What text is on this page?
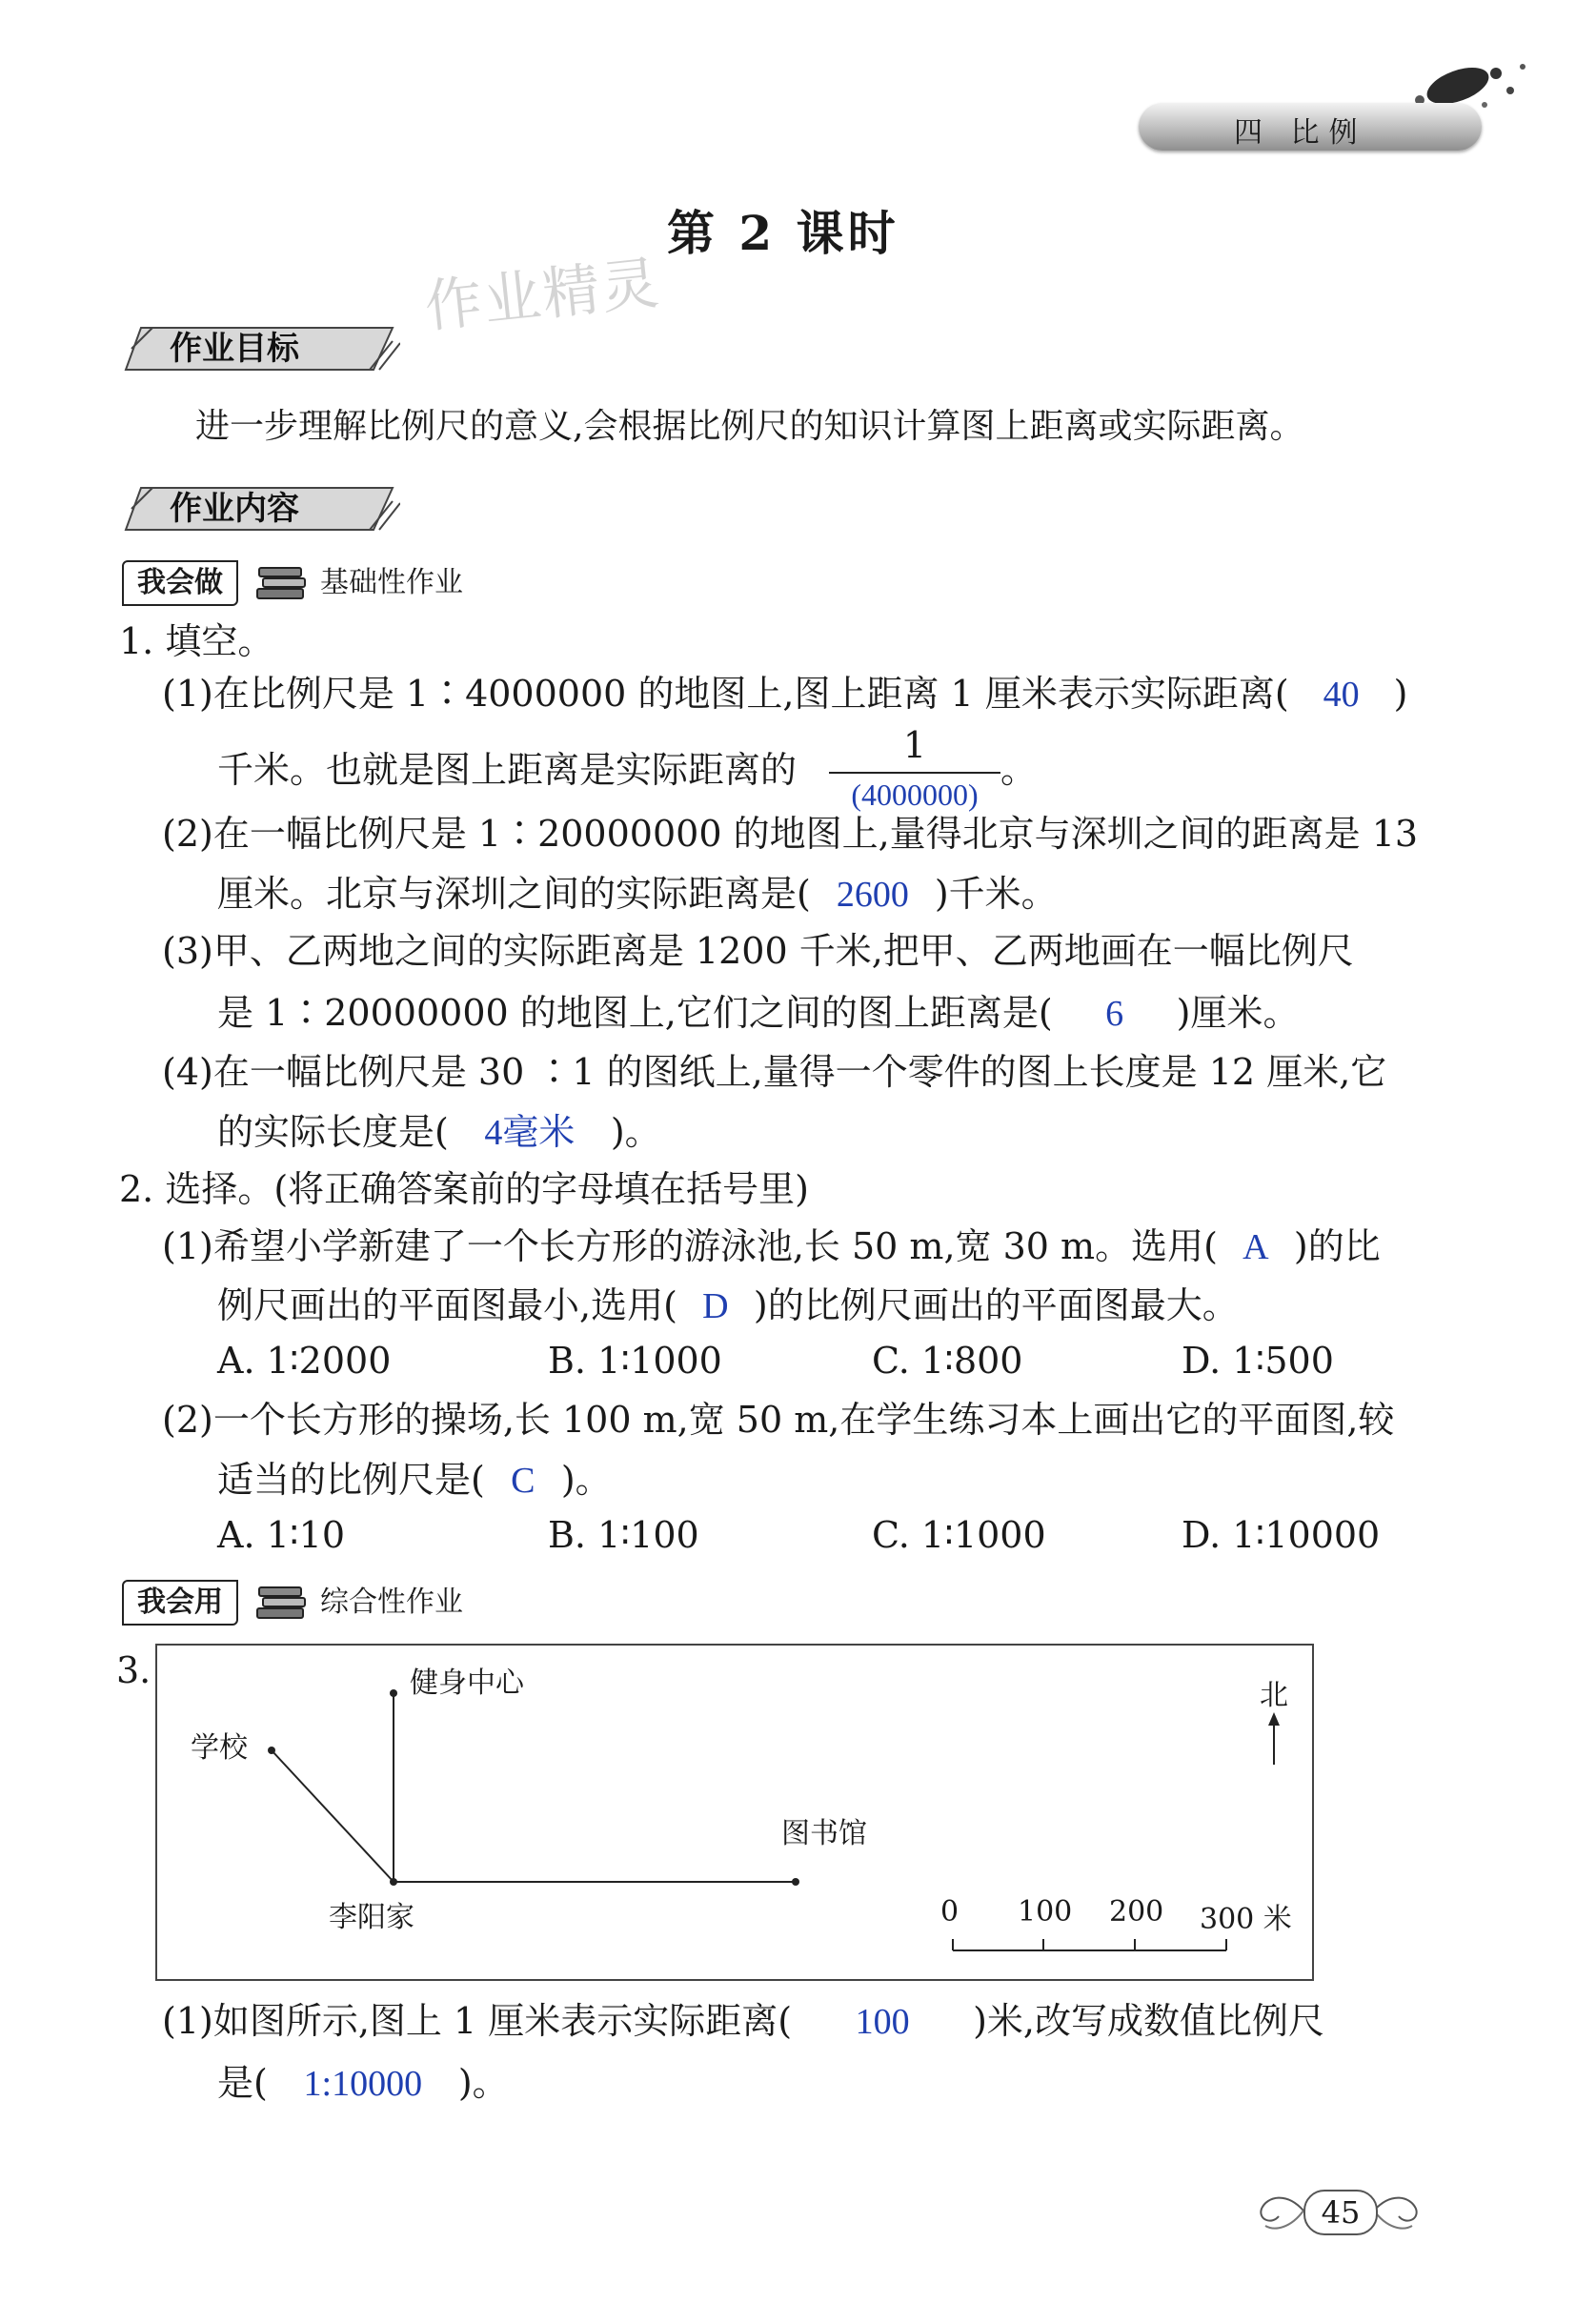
四 比例
第 2 课时
作业精灵
作业目标
进一步理解比例尺的意义,会根据比例尺的知识计算图上距离或实际距离。
作业内容
我会做	基础性作业
1. 填空。
(1)在比例尺是 1∶4000000 的地图上,图上距离 1 厘米表示实际距离( 40 )
千米。也就是图上距离是实际距离的
1
(4000000)
。
(2)在一幅比例尺是 1∶20000000 的地图上,量得北京与深圳之间的距离是 13
厘米。北京与深圳之间的实际距离是( 2600 )千米。
(3)甲、乙两地之间的实际距离是 1200 千米,把甲、乙两地画在一幅比例尺
是 1∶20000000 的地图上,它们之间的图上距离是( 6 )厘米。
(4)在一幅比例尺是 30 ∶1 的图纸上,量得一个零件的图上长度是 12 厘米,它
的实际长度是( 4毫米 )。
2. 选择。(将正确答案前的字母填在括号里)
(1)希望小学新建了一个长方形的游泳池,长 50 m,宽 30 m。选用( A )的比
例尺画出的平面图最小,选用( D )的比例尺画出的平面图最大。
A. 1∶2000	B. 1∶1000	C. 1∶800	D. 1∶500
(2)一个长方形的操场,长 100 m,宽 50 m,在学生练习本上画出它的平面图,较
适当的比例尺是( C )。
A. 1∶10	B. 1∶100	C. 1∶1000	D. 1∶10000
我会用	综合性作业
3.
学校
健身中心
李阳家
图书馆
北
0 100 200 300 米
(1)如图所示,图上 1 厘米表示实际距离( 100 )米,改写成数值比例尺
是( 1:10000 )。
45
